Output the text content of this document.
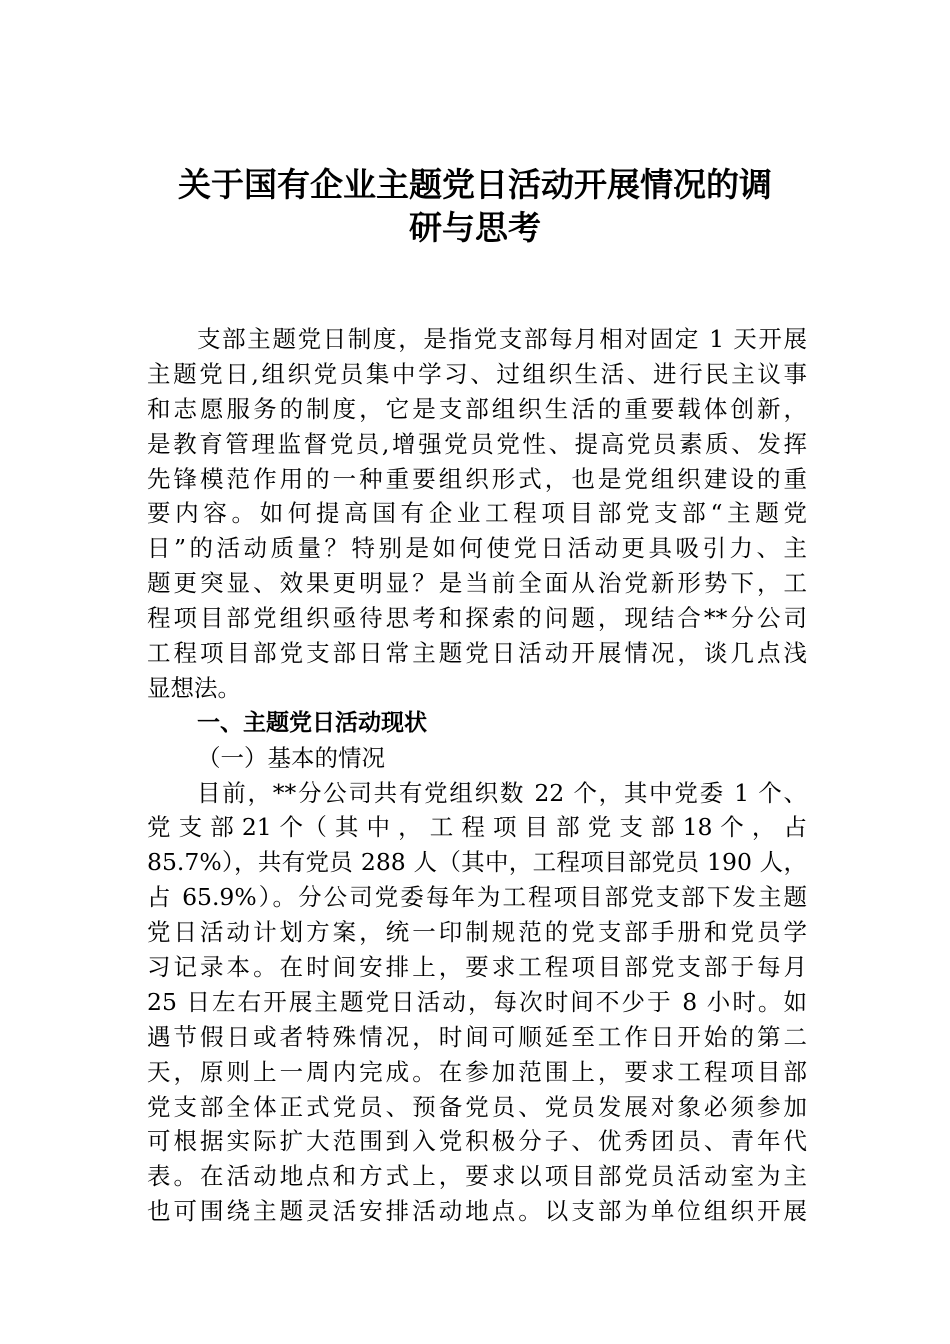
关于国有企业主题党日活动开展情况的调
研与思考
支部主题党日制度，是指党支部每月相对固定 1 天开展
主题党日,组织党员集中学习、过组织生活、进行民主议事
和志愿服务的制度，它是支部组织生活的重要载体创新，
是教育管理监督党员,增强党员党性、提高党员素质、发挥
先锋模范作用的一种重要组织形式，也是党组织建设的重
要内容。如何提高国有企业工程项目部党支部“主题党
日”的活动质量？特别是如何使党日活动更具吸引力、主
题更突显、效果更明显？是当前全面从治党新形势下，工
程项目部党组织亟待思考和探索的问题，现结合**分公司
工程项目部党支部日常主题党日活动开展情况，谈几点浅
显想法。
一、主题党日活动现状
（一）基本的情况
目前，**分公司共有党组织数 22 个，其中党委 1 个、
党 支 部 21 个（ 其 中 ， 工 程 项 目 部 党 支 部 18 个 ， 占
85.7%），共有党员 288 人（其中，工程项目部党员 190 人，
占 65.9%）。分公司党委每年为工程项目部党支部下发主题
党日活动计划方案，统一印制规范的党支部手册和党员学
习记录本。在时间安排上，要求工程项目部党支部于每月
25 日左右开展主题党日活动，每次时间不少于 8 小时。如
遇节假日或者特殊情况，时间可顺延至工作日开始的第二
天，原则上一周内完成。在参加范围上，要求工程项目部
党支部全体正式党员、预备党员、党员发展对象必须参加
可根据实际扩大范围到入党积极分子、优秀团员、青年代
表。在活动地点和方式上，要求以项目部党员活动室为主
也可围绕主题灵活安排活动地点。以支部为单位组织开展
